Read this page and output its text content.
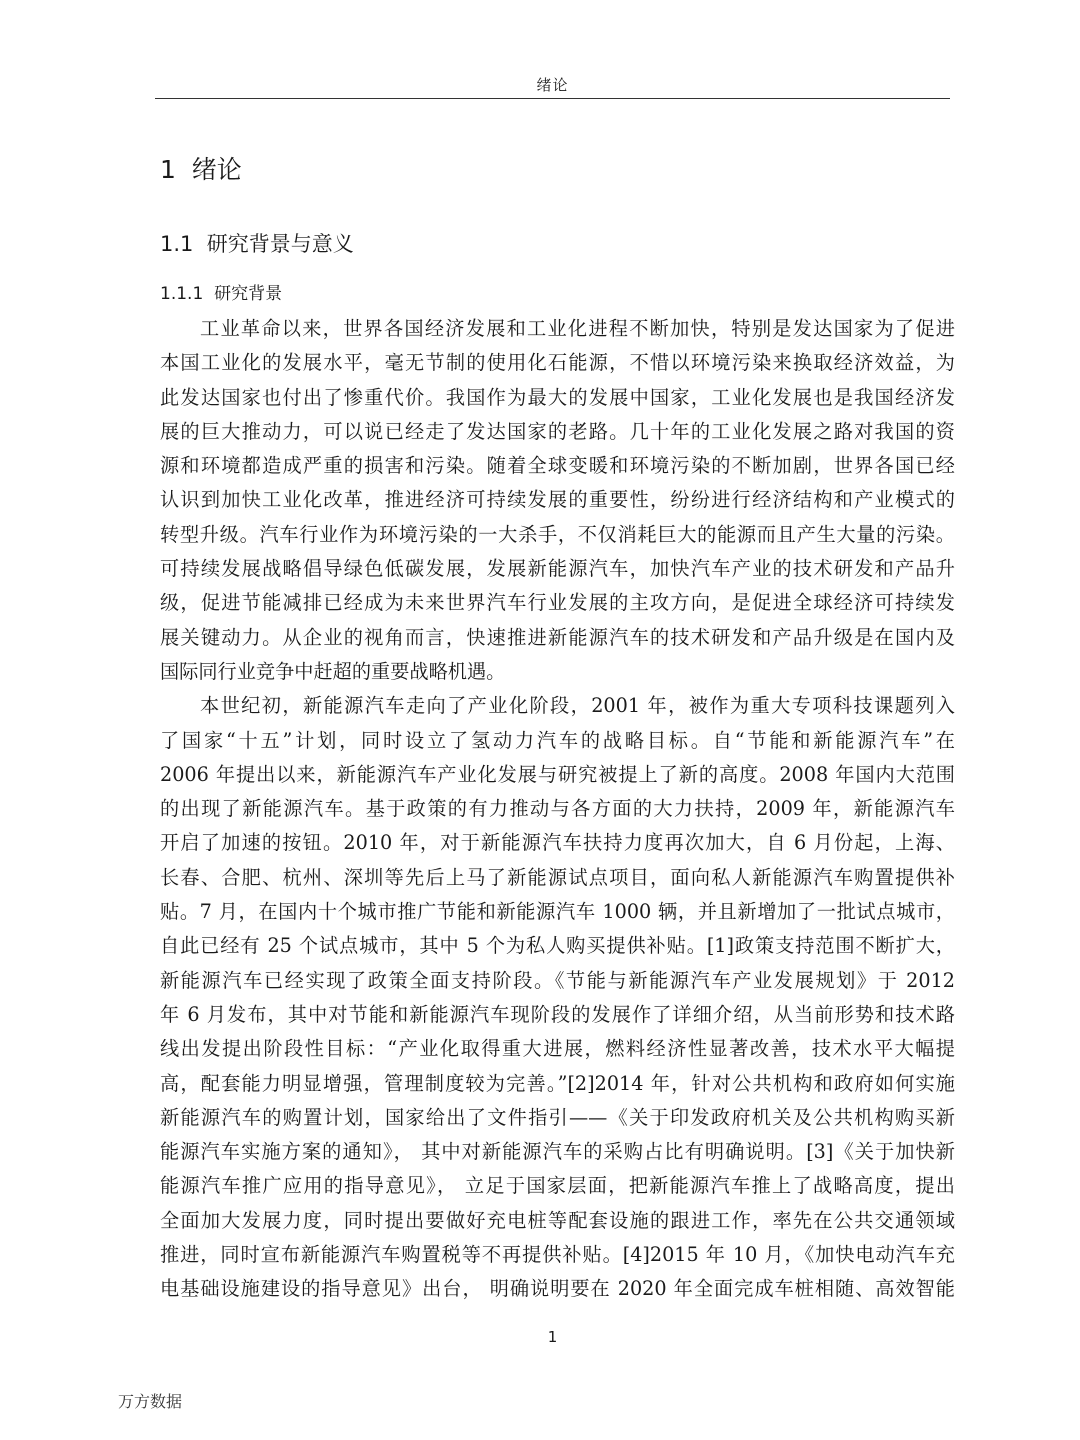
绪论
1  绪论
1.1  研究背景与意义
1.1.1  研究背景
工业革命以来，世界各国经济发展和工业化进程不断加快，特别是发达国家为了促进
本国工业化的发展水平，毫无节制的使用化石能源，不惜以环境污染来换取经济效益，为
此发达国家也付出了惨重代价。我国作为最大的发展中国家，工业化发展也是我国经济发
展的巨大推动力，可以说已经走了发达国家的老路。几十年的工业化发展之路对我国的资
源和环境都造成严重的损害和污染。随着全球变暖和环境污染的不断加剧，世界各国已经
认识到加快工业化改革，推进经济可持续发展的重要性，纷纷进行经济结构和产业模式的
转型升级。汽车行业作为环境污染的一大杀手，不仅消耗巨大的能源而且产生大量的污染。
可持续发展战略倡导绿色低碳发展，发展新能源汽车，加快汽车产业的技术研发和产品升
级，促进节能减排已经成为未来世界汽车行业发展的主攻方向，是促进全球经济可持续发
展关键动力。从企业的视角而言，快速推进新能源汽车的技术研发和产品升级是在国内及
国际同行业竞争中赶超的重要战略机遇。
本世纪初，新能源汽车走向了产业化阶段，2001 年，被作为重大专项科技课题列入
了国家“十五”计划，同时设立了氢动力汽车的战略目标。自“节能和新能源汽车”在
2006 年提出以来，新能源汽车产业化发展与研究被提上了新的高度。2008 年国内大范围
的出现了新能源汽车。基于政策的有力推动与各方面的大力扶持，2009 年，新能源汽车
开启了加速的按钮。2010 年，对于新能源汽车扶持力度再次加大，自 6 月份起，上海、
长春、合肥、杭州、深圳等先后上马了新能源试点项目，面向私人新能源汽车购置提供补
贴。7 月，在国内十个城市推广节能和新能源汽车 1000 辆，并且新增加了一批试点城市，
自此已经有 25 个试点城市，其中 5 个为私人购买提供补贴。[1]政策支持范围不断扩大，
新能源汽车已经实现了政策全面支持阶段。《节能与新能源汽车产业发展规划》于 2012
年 6 月发布，其中对节能和新能源汽车现阶段的发展作了详细介绍，从当前形势和技术路
线出发提出阶段性目标：“产业化取得重大进展，燃料经济性显著改善，技术水平大幅提
高，配套能力明显增强，管理制度较为完善。”[2]2014 年，针对公共机构和政府如何实施
新能源汽车的购置计划，国家给出了文件指引——《关于印发政府机关及公共机构购买新
能源汽车实施方案的通知》， 其中对新能源汽车的采购占比有明确说明。[3]《关于加快新
能源汽车推广应用的指导意见》， 立足于国家层面，把新能源汽车推上了战略高度，提出
全面加大发展力度，同时提出要做好充电桩等配套设施的跟进工作，率先在公共交通领域
推进，同时宣布新能源汽车购置税等不再提供补贴。[4]2015 年 10 月，《加快电动汽车充
电基础设施建设的指导意见》出台， 明确说明要在 2020 年全面完成车桩相随、高效智能
1
万方数据
